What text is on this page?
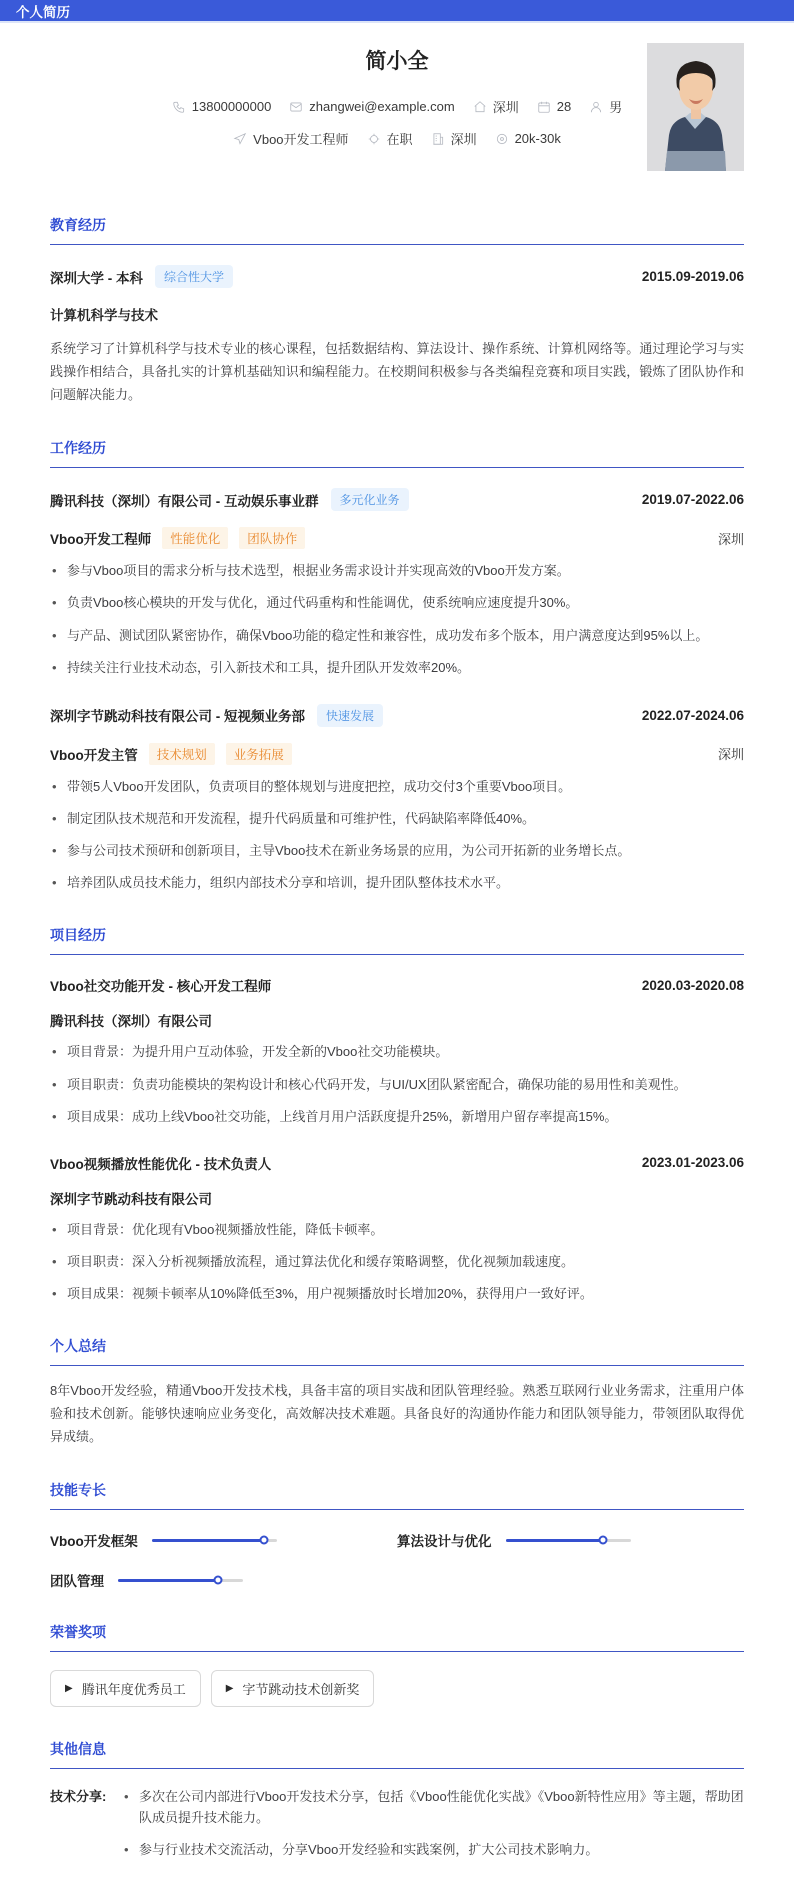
个人简历
简小全
13800000000	zhangwei@example.com	深圳	28	男
Vboo开发工程师	在职	深圳	20k-30k
教育经历
深圳大学 - 本科	综合性大学	2015.09-2019.06
计算机科学与技术
系统学习了计算机科学与技术专业的核心课程，包括数据结构、算法设计、操作系统、计算机网络等。通过理论学习与实践操作相结合，具备扎实的计算机基础知识和编程能力。在校期间积极参与各类编程竞赛和项目实践，锻炼了团队协作和问题解决能力。
工作经历
腾讯科技（深圳）有限公司 - 互动娱乐事业群	多元化业务	2019.07-2022.06
Vboo开发工程师	性能优化	团队协作	深圳
• 参与Vboo项目的需求分析与技术选型，根据业务需求设计并实现高效的Vboo开发方案。
• 负责Vboo核心模块的开发与优化，通过代码重构和性能调优，使系统响应速度提升30%。
• 与产品、测试团队紧密协作，确保Vboo功能的稳定性和兼容性，成功发布多个版本，用户满意度达到95%以上。
• 持续关注行业技术动态，引入新技术和工具，提升团队开发效率20%。
深圳字节跳动科技有限公司 - 短视频业务部	快速发展	2022.07-2024.06
Vboo开发主管	技术规划	业务拓展	深圳
• 带领5人Vboo开发团队，负责项目的整体规划与进度把控，成功交付3个重要Vboo项目。
• 制定团队技术规范和开发流程，提升代码质量和可维护性，代码缺陷率降低40%。
• 参与公司技术预研和创新项目，主导Vboo技术在新业务场景的应用，为公司开拓新的业务增长点。
• 培养团队成员技术能力，组织内部技术分享和培训，提升团队整体技术水平。
项目经历
Vboo社交功能开发 - 核心开发工程师	2020.03-2020.08
腾讯科技（深圳）有限公司
• 项目背景：为提升用户互动体验，开发全新的Vboo社交功能模块。
• 项目职责：负责功能模块的架构设计和核心代码开发，与UI/UX团队紧密配合，确保功能的易用性和美观性。
• 项目成果：成功上线Vboo社交功能，上线首月用户活跃度提升25%，新增用户留存率提高15%。
Vboo视频播放性能优化 - 技术负责人	2023.01-2023.06
深圳字节跳动科技有限公司
• 项目背景：优化现有Vboo视频播放性能，降低卡顿率。
• 项目职责：深入分析视频播放流程，通过算法优化和缓存策略调整，优化视频加载速度。
• 项目成果：视频卡顿率从10%降低至3%，用户视频播放时长增加20%，获得用户一致好评。
个人总结
8年Vboo开发经验，精通Vboo开发技术栈，具备丰富的项目实战和团队管理经验。熟悉互联网行业业务需求，注重用户体验和技术创新。能够快速响应业务变化，高效解决技术难题。具备良好的沟通协作能力和团队领导能力，带领团队取得优异成绩。
技能专长
Vboo开发框架	算法设计与优化
团队管理
荣誉奖项
▶ 腾讯年度优秀员工	▶ 字节跳动技术创新奖
其他信息
技术分享:	• 多次在公司内部进行Vboo开发技术分享，包括《Vboo性能优化实战》《Vboo新特性应用》等主题，帮助团队成员提升技术能力。
• 参与行业技术交流活动，分享Vboo开发经验和实践案例，扩大公司技术影响力。
